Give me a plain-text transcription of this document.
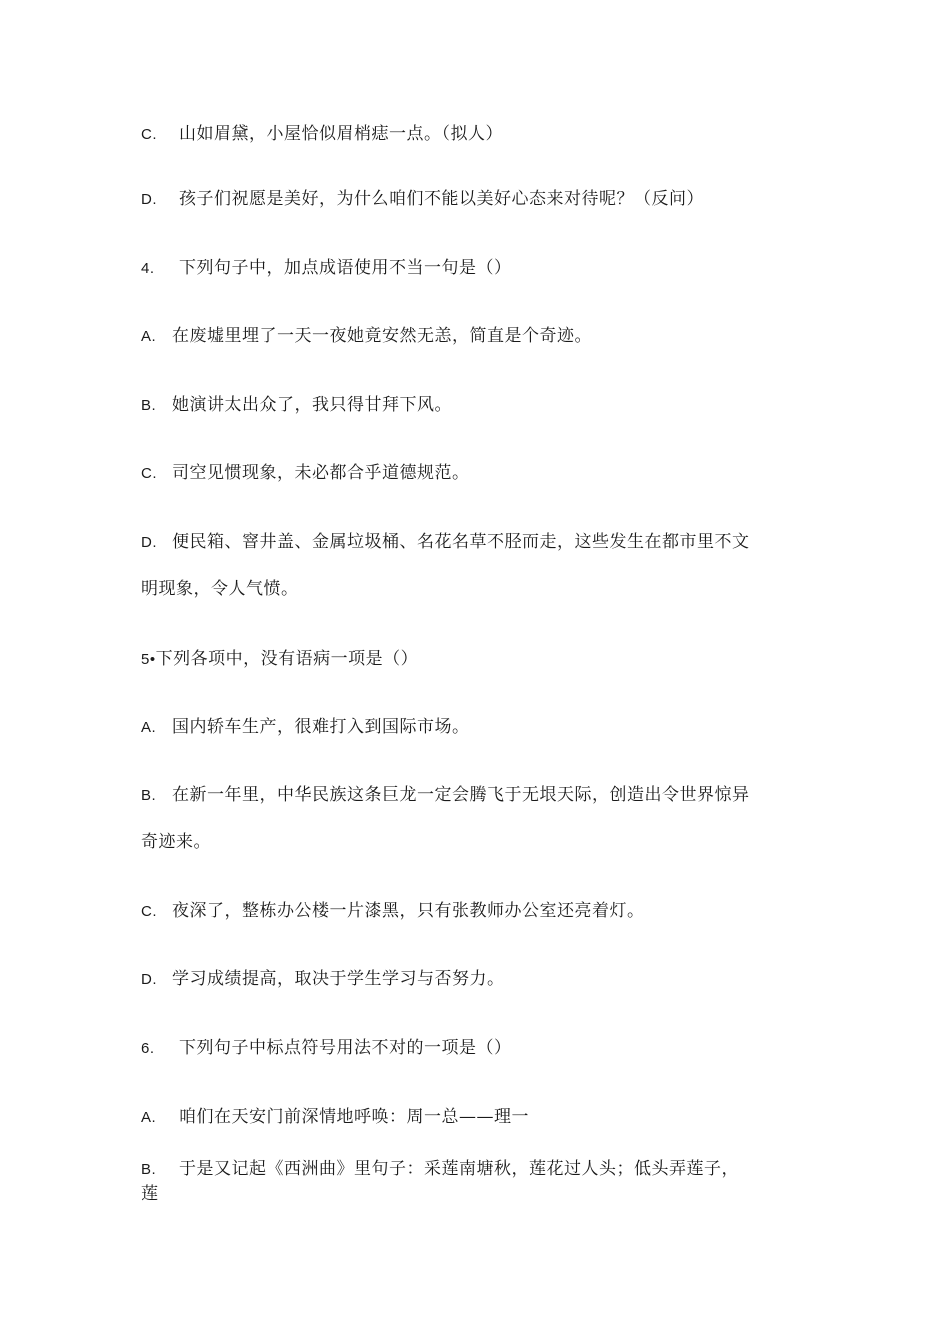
C. 山如眉黛，小屋恰似眉梢痣一点。（拟人）
D. 孩子们祝愿是美好，为什么咱们不能以美好心态来对待呢？（反问）
4. 下列句子中，加点成语使用不当一句是（）
A. 在废墟里埋了一天一夜她竟安然无恙，简直是个奇迹。
B. 她演讲太出众了，我只得甘拜下风。
C. 司空见惯现象，未必都合乎道德规范。
D. 便民箱、窨井盖、金属垃圾桶、名花名草不胫而走，这些发生在都市里不文
明现象，令人气愤。
5•下列各项中，没有语病一项是（）
A. 国内轿车生产，很难打入到国际市场。
B. 在新一年里，中华民族这条巨龙一定会腾飞于无垠天际，创造出令世界惊异
奇迹来。
C. 夜深了，整栋办公楼一片漆黑，只有张教师办公室还亮着灯。
D. 学习成绩提高，取决于学生学习与否努力。
6. 下列句子中标点符号用法不对的一项是（）
A. 咱们在天安门前深情地呼唤：周一总——理一
B. 于是又记起《西洲曲》里句子：采莲南塘秋，莲花过人头；低头弄莲子，
莲
